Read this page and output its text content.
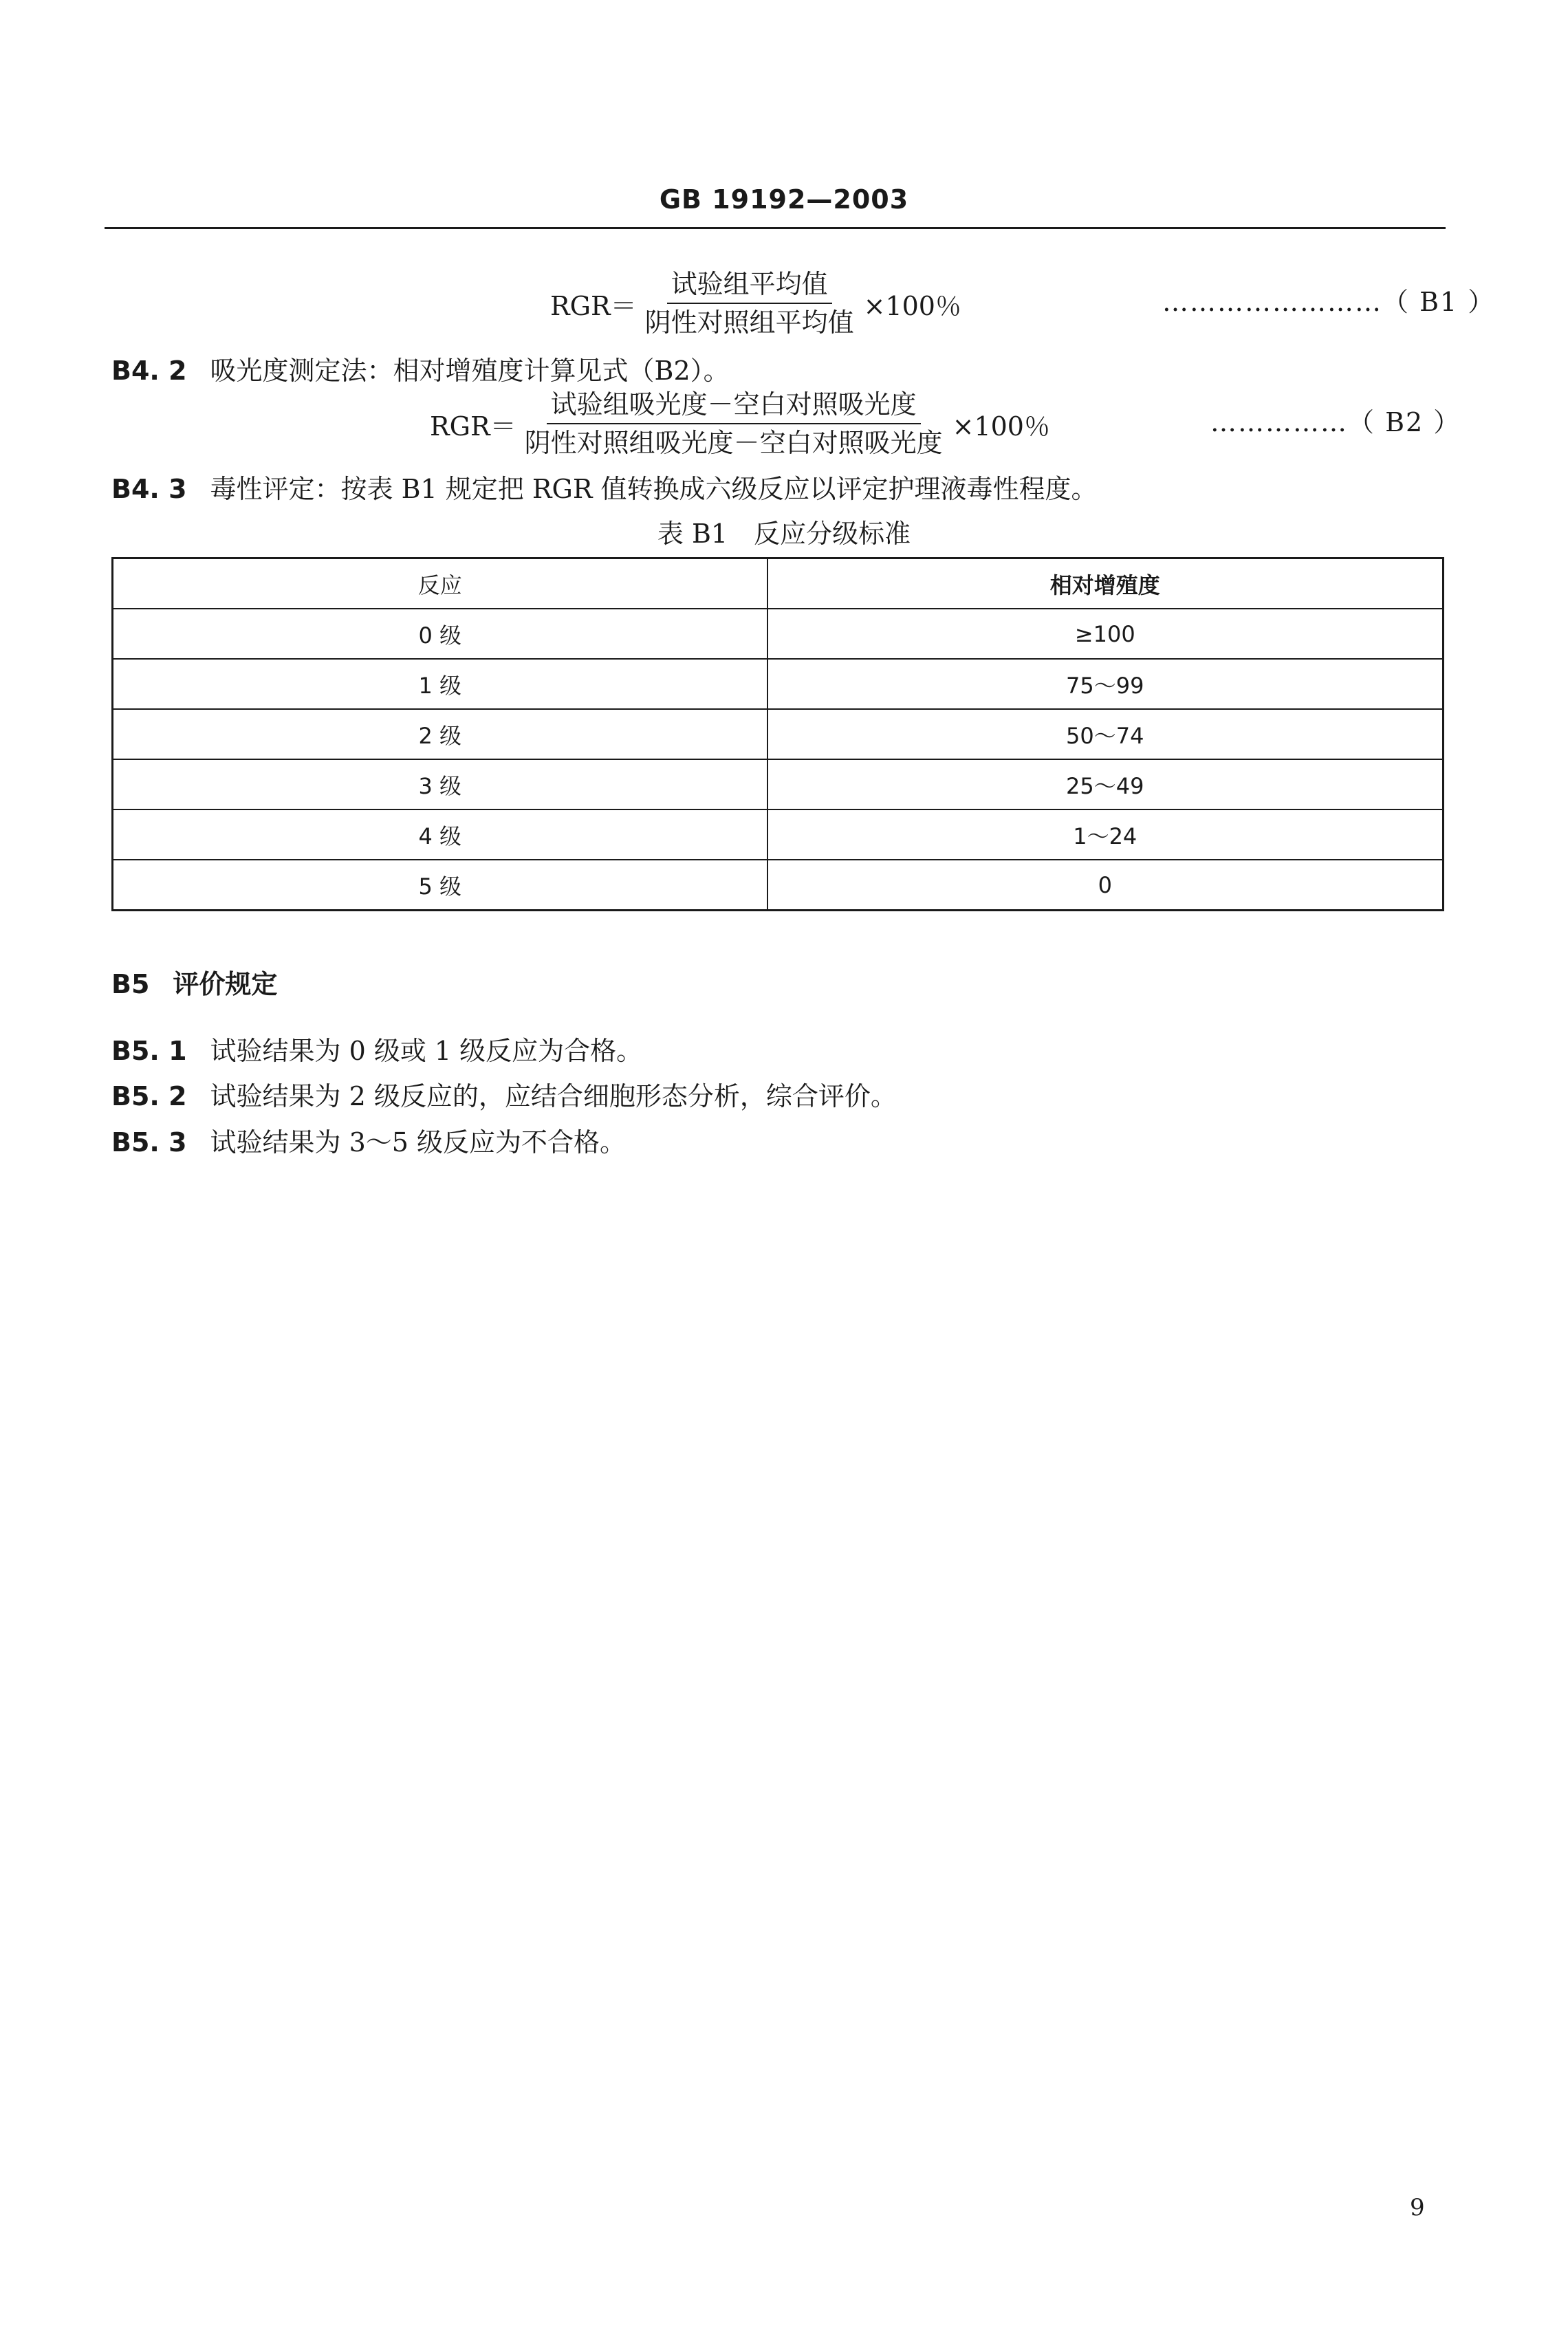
GB 19192—2003
$RGR= \frac{\text{试验组平均值}}{\text{阴性对照组平均值}} \times 100$％	……………………（ B1 ）
B4. 2 吸光度测定法：相对增殖度计算见式（B2）。
$RGR= \frac{\text{试验组吸光度－空白对照吸光度}}{\text{阴性对照组吸光度－空白对照吸光度}} \times 100$％	……………（ B2 ）
B4. 3 毒性评定：按表 B1 规定把 RGR 值转换成六级反应以评定护理液毒性程度。
表 B1　反应分级标准
反应	相对增殖度
0 级	≥100
1 级	75～99
2 级	50～74
3 级	25～49
4 级	1～24
5 级	0
B5 评价规定
B5. 1 试验结果为 0 级或 1 级反应为合格。
B5. 2 试验结果为 2 级反应的，应结合细胞形态分析，综合评价。
B5. 3 试验结果为 3～5 级反应为不合格。
9
